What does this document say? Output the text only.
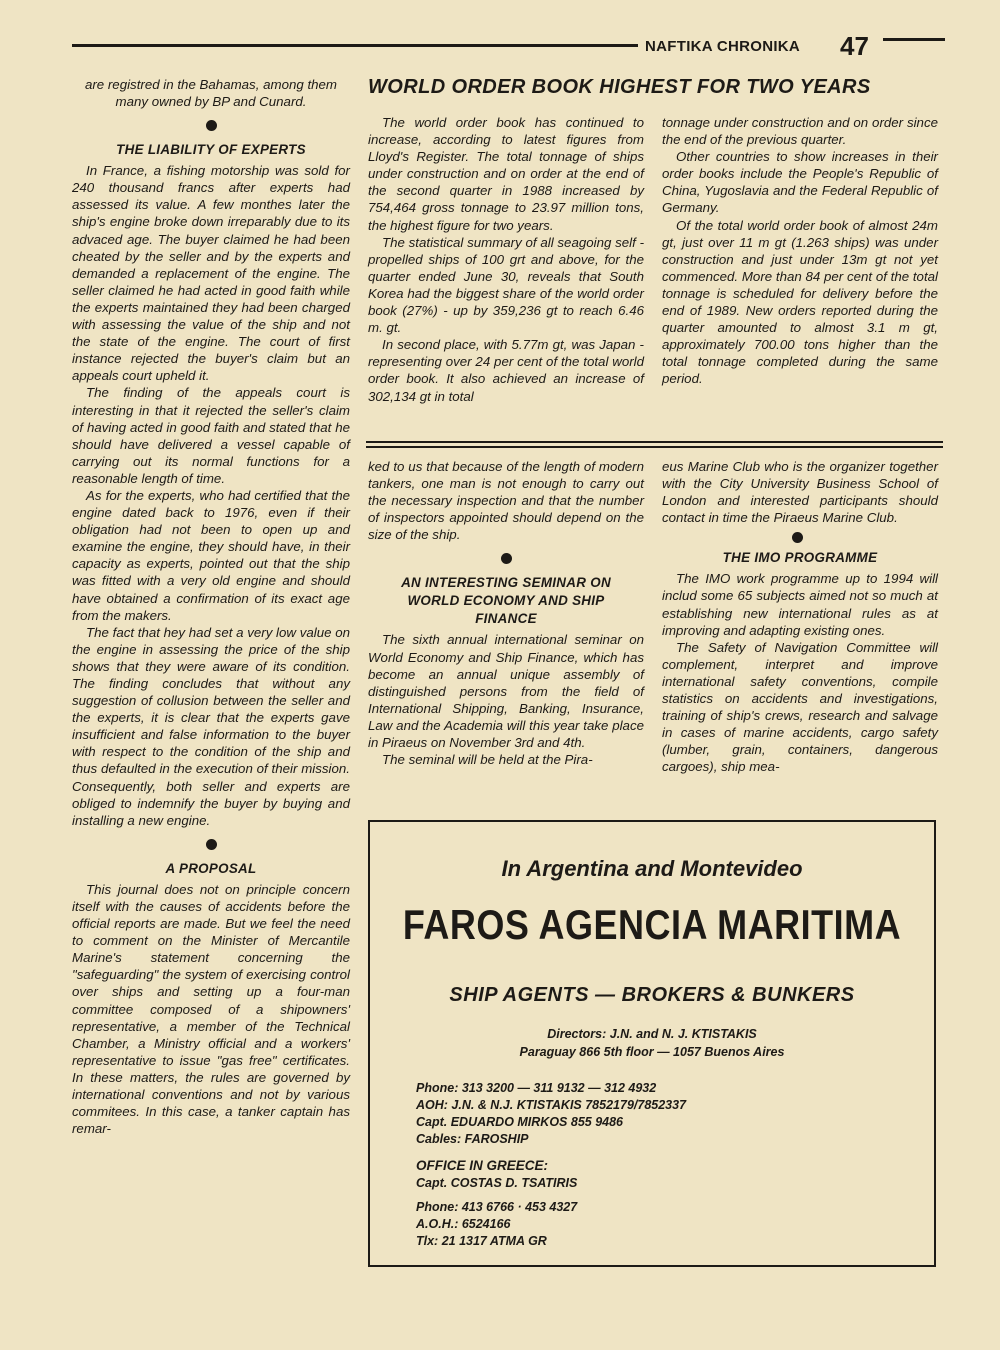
NAFTIKA CHRONIKA 47

are registred in the Bahamas, among them many owned by BP and Cunard.

THE LIABILITY OF EXPERTS

In France, a fishing motorship was sold for 240 thousand francs after experts had assessed its value. A few monthes later the ship's engine broke down irreparably due to its advaced age. The buyer claimed he had been cheated by the seller and by the experts and demanded a replacement of the engine. The seller claimed he had acted in good faith while the experts maintained they had been charged with assessing the value of the ship and not the state of the engine. The court of first instance rejected the buyer's claim but an appeals court upheld it.

The finding of the appeals court is interesting in that it rejected the seller's claim of having acted in good faith and stated that he should have delivered a vessel capable of carrying out its normal functions for a reasonable length of time.

As for the experts, who had certified that the engine dated back to 1976, even if their obligation had not been to open up and examine the engine, they should have, in their capacity as experts, pointed out that the ship was fitted with a very old engine and should have obtained a confirmation of its exact age from the makers.

The fact that hey had set a very low value on the engine in assessing the price of the ship shows that they were aware of its condition. The finding concludes that without any suggestion of collusion between the seller and the experts, it is clear that the experts gave insufficient and false information to the buyer with respect to the condition of the ship and thus defaulted in the execution of their mission. Consequently, both seller and experts are obliged to indemnify the buyer by buying and installing a new engine.

A PROPOSAL

This journal does not on principle concern itself with the causes of accidents before the official reports are made. But we feel the need to comment on the Minister of Mercantile Marine's statement concerning the "safeguarding" the system of exercising control over ships and setting up a four-man committee composed of a shipowners' representative, a member of the Technical Chamber, a Ministry official and a workers' representative to issue "gas free" certificates. In these matters, the rules are governed by international conventions and not by various commitees. In this case, a tanker captain has remar-

WORLD ORDER BOOK HIGHEST FOR TWO YEARS

The world order book has continued to increase, according to latest figures from Lloyd's Register. The total tonnage of ships under construction and on order at the end of the second quarter in 1988 increased by 754,464 gross tonnage to 23.97 million tons, the highest figure for two years.

The statistical summary of all seagoing self -propelled ships of 100 grt and above, for the quarter ended June 30, reveals that South Korea had the biggest share of the world order book (27%) - up by 359,236 gt to reach 6.46 m. gt.

In second place, with 5.77m gt, was Japan - representing over 24 per cent of the total world order book. It also achieved an increase of 302,134 gt in total

tonnage under construction and on order since the end of the previous quarter.

Other countries to show increases in their order books include the People's Republic of China, Yugoslavia and the Federal Republic of Germany.

Of the total world order book of almost 24m gt, just over 11 m gt (1.263 ships) was under construction and just under 13m gt not yet commenced. More than 84 per cent of the total tonnage is scheduled for delivery before the end of 1989. New orders reported during the quarter amounted to almost 3.1 m gt, approximately 700.00 tons higher than the total tonnage completed during the same period.

ked to us that because of the length of modern tankers, one man is not enough to carry out the necessary inspection and that the number of inspectors appointed should depend on the size of the ship.

AN INTERESTING SEMINAR ON WORLD ECONOMY AND SHIP FINANCE

The sixth annual international seminar on World Economy and Ship Finance, which has become an annual unique assembly of distinguished persons from the field of International Shipping, Banking, Insurance, Law and the Academia will this year take place in Piraeus on November 3rd and 4th.

The seminal will be held at the Pira-

eus Marine Club who is the organizer together with the City University Business School of London and interested participants should contact in time the Piraeus Marine Club.

THE IMO PROGRAMME

The IMO work programme up to 1994 will includ some 65 subjects aimed not so much at establishing new international rules as at improving and adapting existing ones.

The Safety of Navigation Committee will complement, interpret and improve international safety conventions, compile statistics on accidents and investigations, training of ship's crews, research and salvage in cases of marine accidents, cargo safety (lumber, grain, containers, dangerous cargoes), ship mea-

In Argentina and Montevideo
FAROS AGENCIA MARITIMA
SHIP AGENTS — BROKERS & BUNKERS
Directors: J.N. and N. J. KTISTAKIS
Paraguay 866 5th floor — 1057 Buenos Aires
Phone: 313 3200 — 311 9132 — 312 4932
AOH: J.N. & N.J. KTISTAKIS 7852179/7852337
Capt. EDUARDO MIRKOS 855 9486
Cables: FAROSHIP
OFFICE IN GREECE:
Capt. COSTAS D. TSATIRIS
Phone: 413 6766 · 453 4327
A.O.H.: 6524166
Tlx: 21 1317 ATMA GR
